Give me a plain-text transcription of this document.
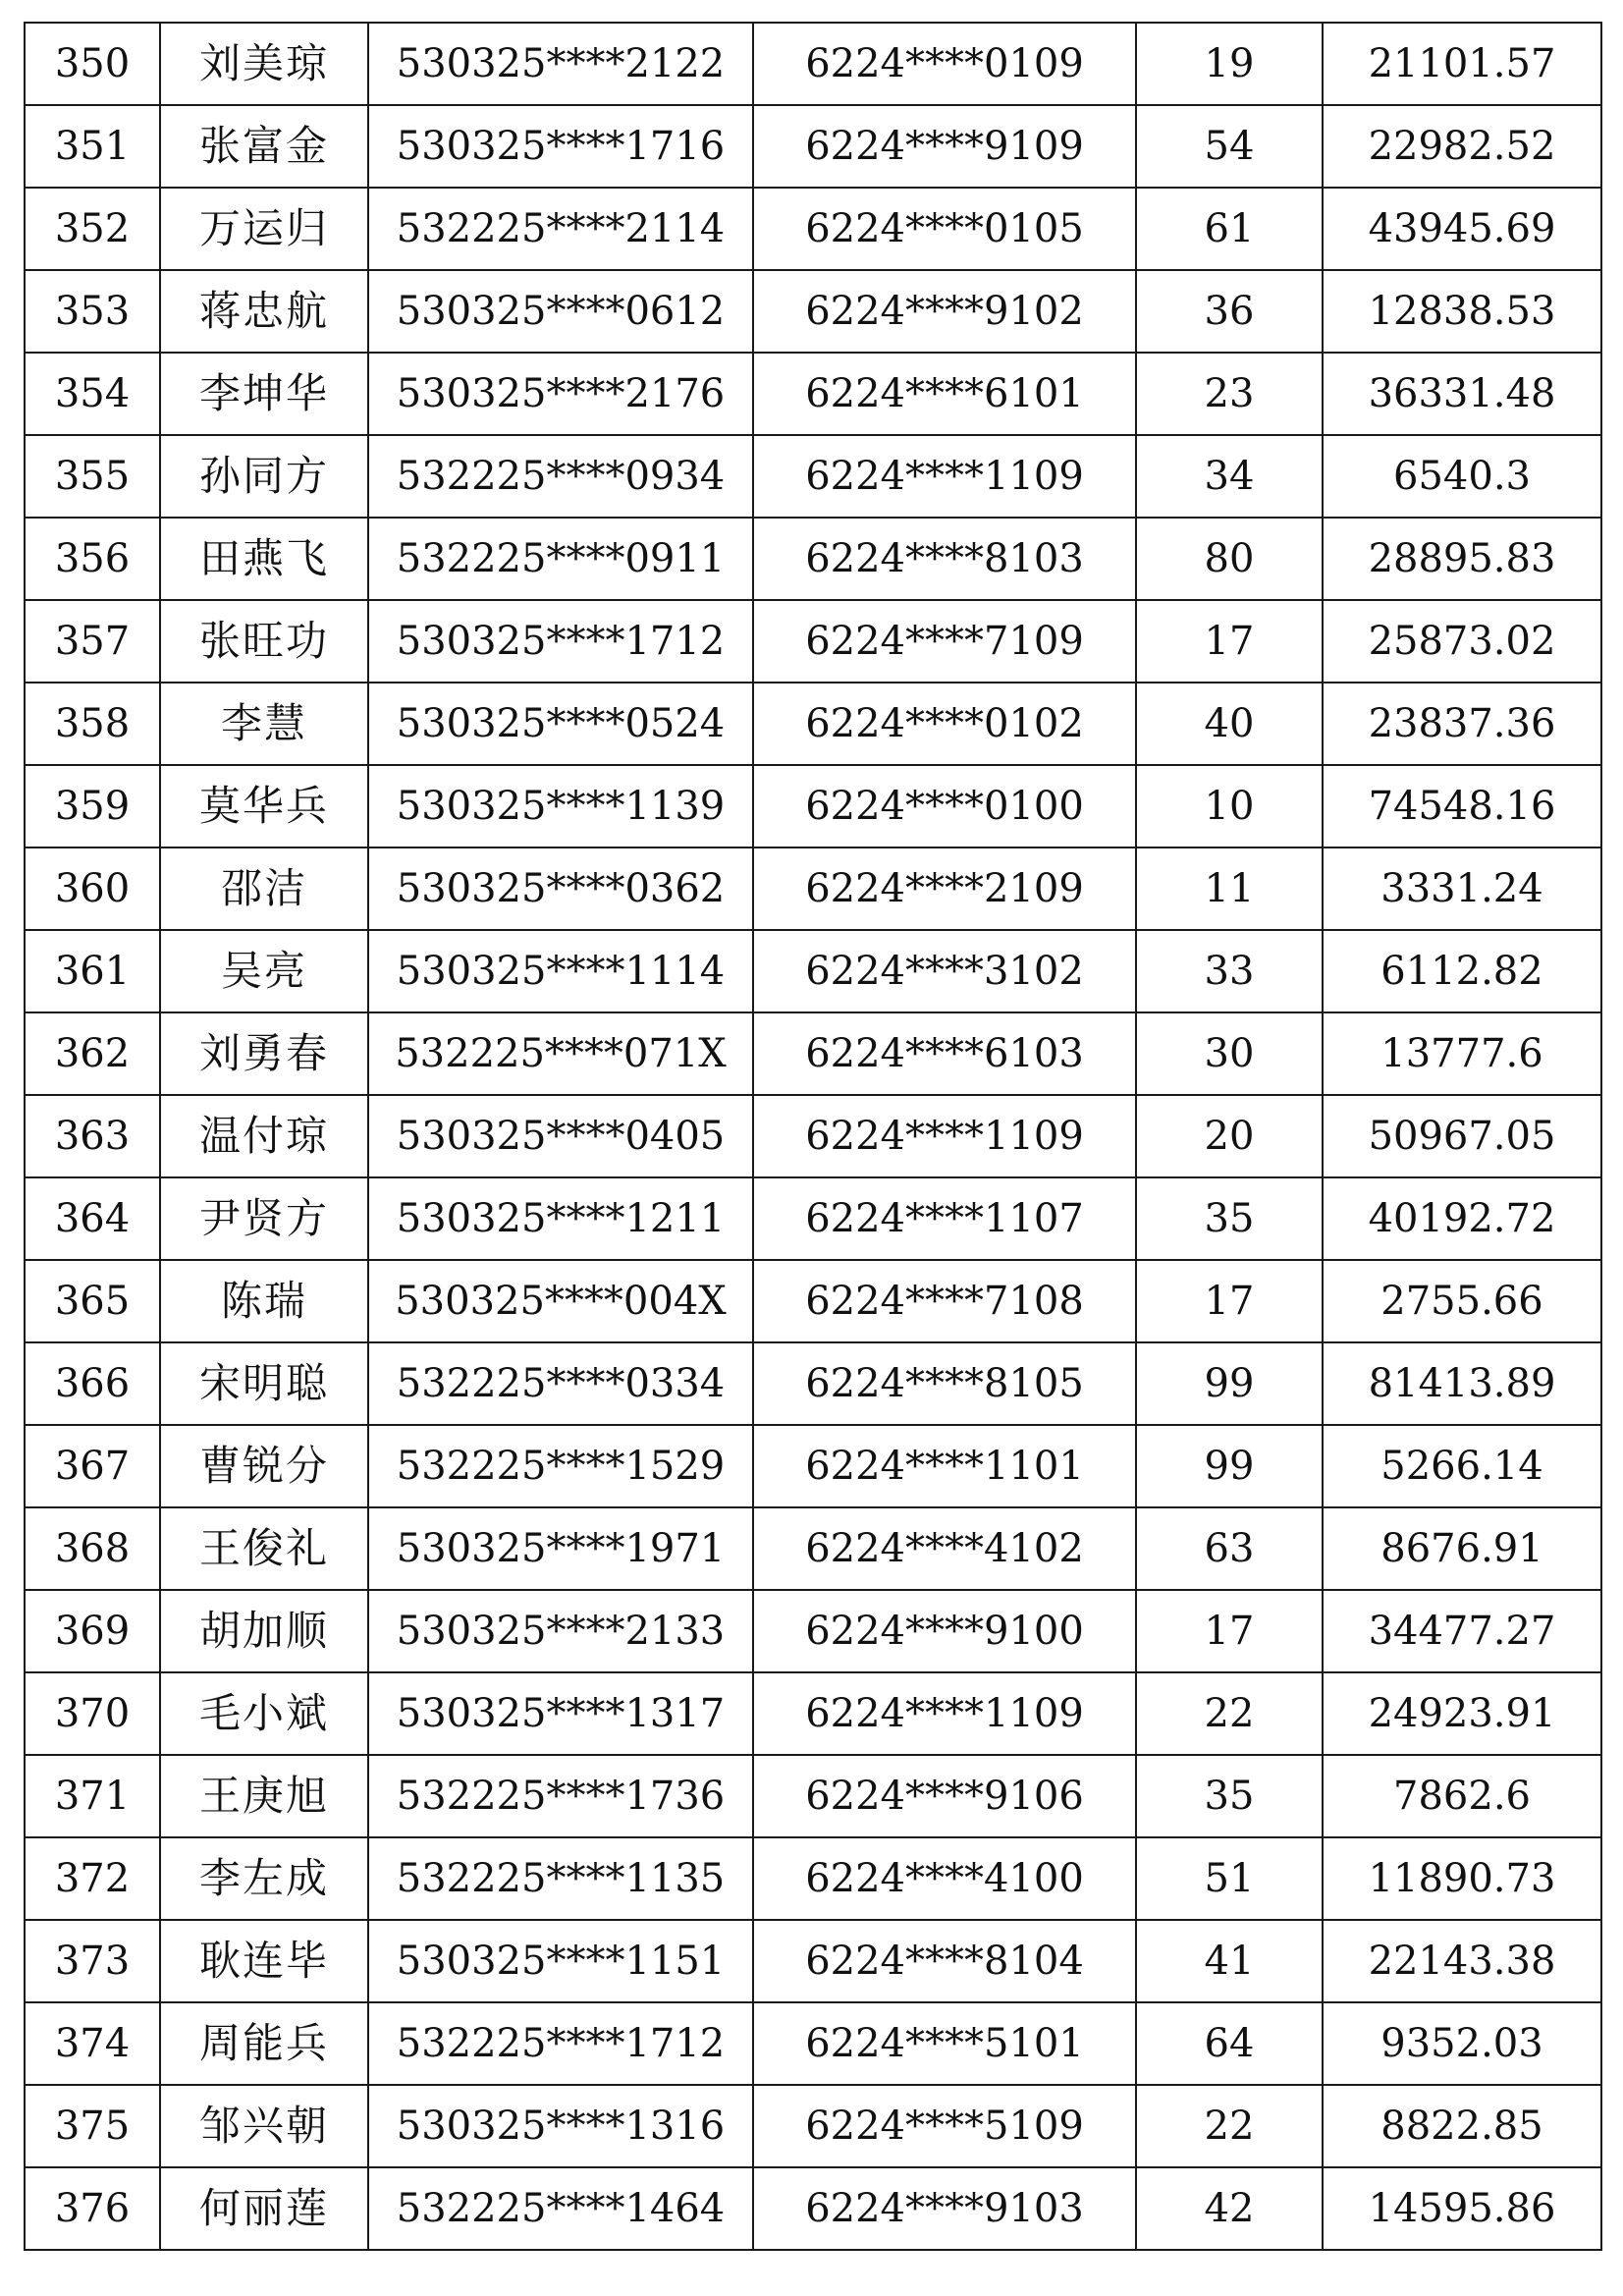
350	刘美琼	530325****2122	6224****0109	19	21101.57
351	张富金	530325****1716	6224****9109	54	22982.52
352	万运归	532225****2114	6224****0105	61	43945.69
353	蒋忠航	530325****0612	6224****9102	36	12838.53
354	李坤华	530325****2176	6224****6101	23	36331.48
355	孙同方	532225****0934	6224****1109	34	6540.3
356	田燕飞	532225****0911	6224****8103	80	28895.83
357	张旺功	530325****1712	6224****7109	17	25873.02
358	李慧	530325****0524	6224****0102	40	23837.36
359	莫华兵	530325****1139	6224****0100	10	74548.16
360	邵洁	530325****0362	6224****2109	11	3331.24
361	吴亮	530325****1114	6224****3102	33	6112.82
362	刘勇春	532225****071X	6224****6103	30	13777.6
363	温付琼	530325****0405	6224****1109	20	50967.05
364	尹贤方	530325****1211	6224****1107	35	40192.72
365	陈瑞	530325****004X	6224****7108	17	2755.66
366	宋明聪	532225****0334	6224****8105	99	81413.89
367	曹锐分	532225****1529	6224****1101	99	5266.14
368	王俊礼	530325****1971	6224****4102	63	8676.91
369	胡加顺	530325****2133	6224****9100	17	34477.27
370	毛小斌	530325****1317	6224****1109	22	24923.91
371	王庚旭	532225****1736	6224****9106	35	7862.6
372	李左成	532225****1135	6224****4100	51	11890.73
373	耿连毕	530325****1151	6224****8104	41	22143.38
374	周能兵	532225****1712	6224****5101	64	9352.03
375	邹兴朝	530325****1316	6224****5109	22	8822.85
376	何丽莲	532225****1464	6224****9103	42	14595.86
